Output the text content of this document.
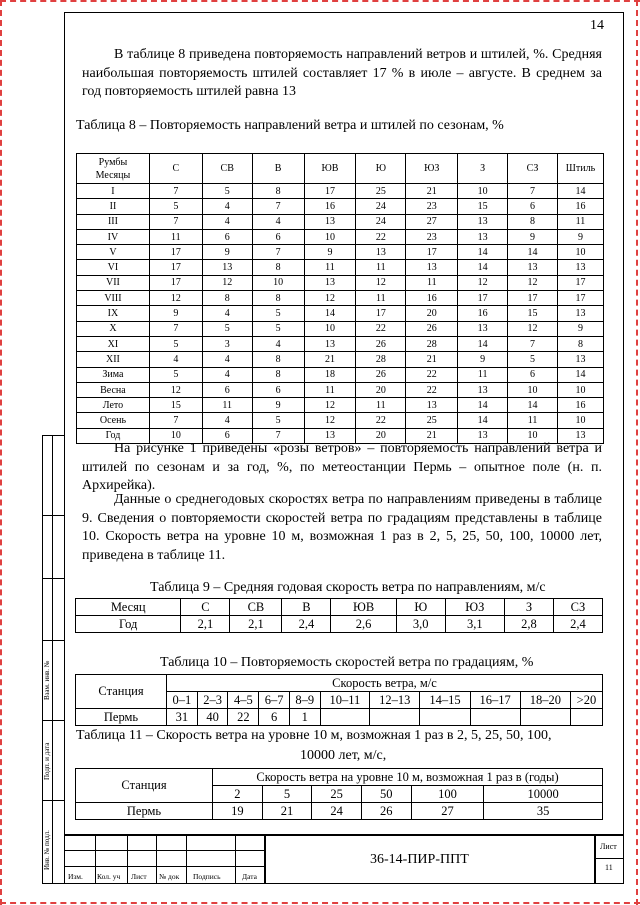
14
В таблице 8 приведена повторяемость направлений ветров и штилей, %. Средняя наибольшая повторяемость штилей составляет 17 % в июле – августе. В среднем за год повторяемость штилей равна 13
Таблица 8 – Повторяемость направлений ветра и штилей по сезонам, %
Румбы
Месяцы	С	СВ	В	ЮВ	Ю	ЮЗ	З	СЗ	Штиль
I	7	5	8	17	25	21	10	7	14
II	5	4	7	16	24	23	15	6	16
III	7	4	4	13	24	27	13	8	11
IV	11	6	6	10	22	23	13	9	9
V	17	9	7	9	13	17	14	14	10
VI	17	13	8	11	11	13	14	13	13
VII	17	12	10	13	12	11	12	12	17
VIII	12	8	8	12	11	16	17	17	17
IX	9	4	5	14	17	20	16	15	13
X	7	5	5	10	22	26	13	12	9
XI	5	3	4	13	26	28	14	7	8
XII	4	4	8	21	28	21	9	5	13
Зима	5	4	8	18	26	22	11	6	14
Весна	12	6	6	11	20	22	13	10	10
Лето	15	11	9	12	11	13	14	14	16
Осень	7	4	5	12	22	25	14	11	10
Год	10	6	7	13	20	21	13	10	13
На рисунке 1 приведены «розы ветров» – повторяемость направлений ветра и штилей по сезонам и за год, %, по метеостанции Пермь – опытное поле (н. п. Архирейка).
Данные о среднегодовых скоростях ветра по направлениям приведены в таблице 9. Сведения о повторяемости скоростей ветра по градациям представлены в таблице 10. Скорость ветра на уровне 10 м, возможная 1 раз в 2, 5, 25, 50, 100, 10000 лет, приведена в таблице 11.
Таблица 9 – Средняя годовая скорость ветра по направлениям, м/с
Месяц	С	СВ	В	ЮВ	Ю	ЮЗ	З	СЗ
Год	2,1	2,1	2,4	2,6	3,0	3,1	2,8	2,4
Таблица 10 – Повторяемость скоростей ветра по градациям, %
Станция	Скорость ветра, м/с										
	0–1	2–3	4–5	6–7	8–9	10–11	12–13	14–15	16–17	18–20	>20
Пермь	31	40	22	6	1						
Таблица 11 – Скорость ветра на уровне 10 м, возможная 1 раз в 2, 5, 25, 50, 100,
10000 лет, м/с,
Станция	Скорость ветра на уровне 10 м, возможная 1 раз в (годы)					
	2	5	25	50	100	10000
Пермь	19	21	24	26	27	35
Взам. инв. №
Подп. и дата
Инв. № подл.
Изм. Кол. уч Лист № док Подпись	Дата
36-14-ПИР-ППТ
Лист
11
